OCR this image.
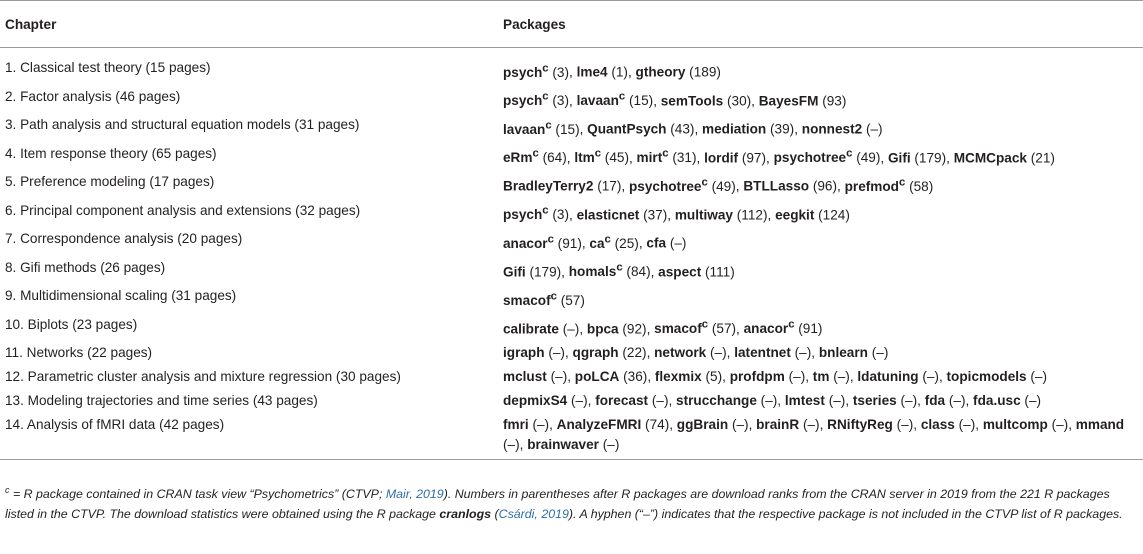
Chapter	Packages
1. Classical test theory (15 pages)	psych$^c$ (3), lme4 (1), gtheory (189)
2. Factor analysis (46 pages)	psych$^c$ (3), lavaan$^c$ (15), semTools (30), BayesFM (93)
3. Path analysis and structural equation models (31 pages)	lavaan$^c$ (15), QuantPsych (43), mediation (39), nonnest2 (–)
4. Item response theory (65 pages)	eRm$^c$ (64), ltm$^c$ (45), mirt$^c$ (31), lordif (97), psychotree$^c$ (49), Gifi (179), MCMCpack (21)
5. Preference modeling (17 pages)	BradleyTerry2 (17), psychotree$^c$ (49), BTLLasso (96), prefmod$^c$ (58)
6. Principal component analysis and extensions (32 pages)	psych$^c$ (3), elasticnet (37), multiway (112), eegkit (124)
7. Correspondence analysis (20 pages)	anacor$^c$ (91), $ca^c$ (25), cfa (–)
8. Gifi methods (26 pages)	Gifi (179), homals$^c$ (84), aspect (111)
9. Multidimensional scaling (31 pages)	smacof$^c$ (57)
10. Biplots (23 pages)	calibrate (–), bpca (92), smacof$^c$ (57), anacor$^c$ (91)
11. Networks (22 pages)	igraph (–), qgraph (22), network (–), latentnet (–), bnlearn (–)
12. Parametric cluster analysis and mixture regression (30 pages)	mclust (–), poLCA (36), flexmix (5), profdpm (–), tm (–), ldatuning (–), topicmodels (–)
13. Modeling trajectories and time series (43 pages)	depmixS4 (–), forecast (–), strucchange (–), lmtest (–), tseries (–), fda (–), fda.usc (–)
14. Analysis of fMRI data (42 pages)	fmri (–), AnalyzeFMRI (74), ggBrain (–), brainR (–), RNiftyReg (–), class (–), multcomp (–), mmand (–), brainwaver (–)
$^c$ = R package contained in CRAN task view “Psychometrics” (CTVP; Mair, 2019). Numbers in parentheses after R packages are download ranks from the CRAN server in 2019 from the 221 R packages listed in the CTVP. The download statistics were obtained using the R package cranlogs (Csárdi, 2019). A hyphen (“–”) indicates that the respective package is not included in the CTVP list of R packages.
